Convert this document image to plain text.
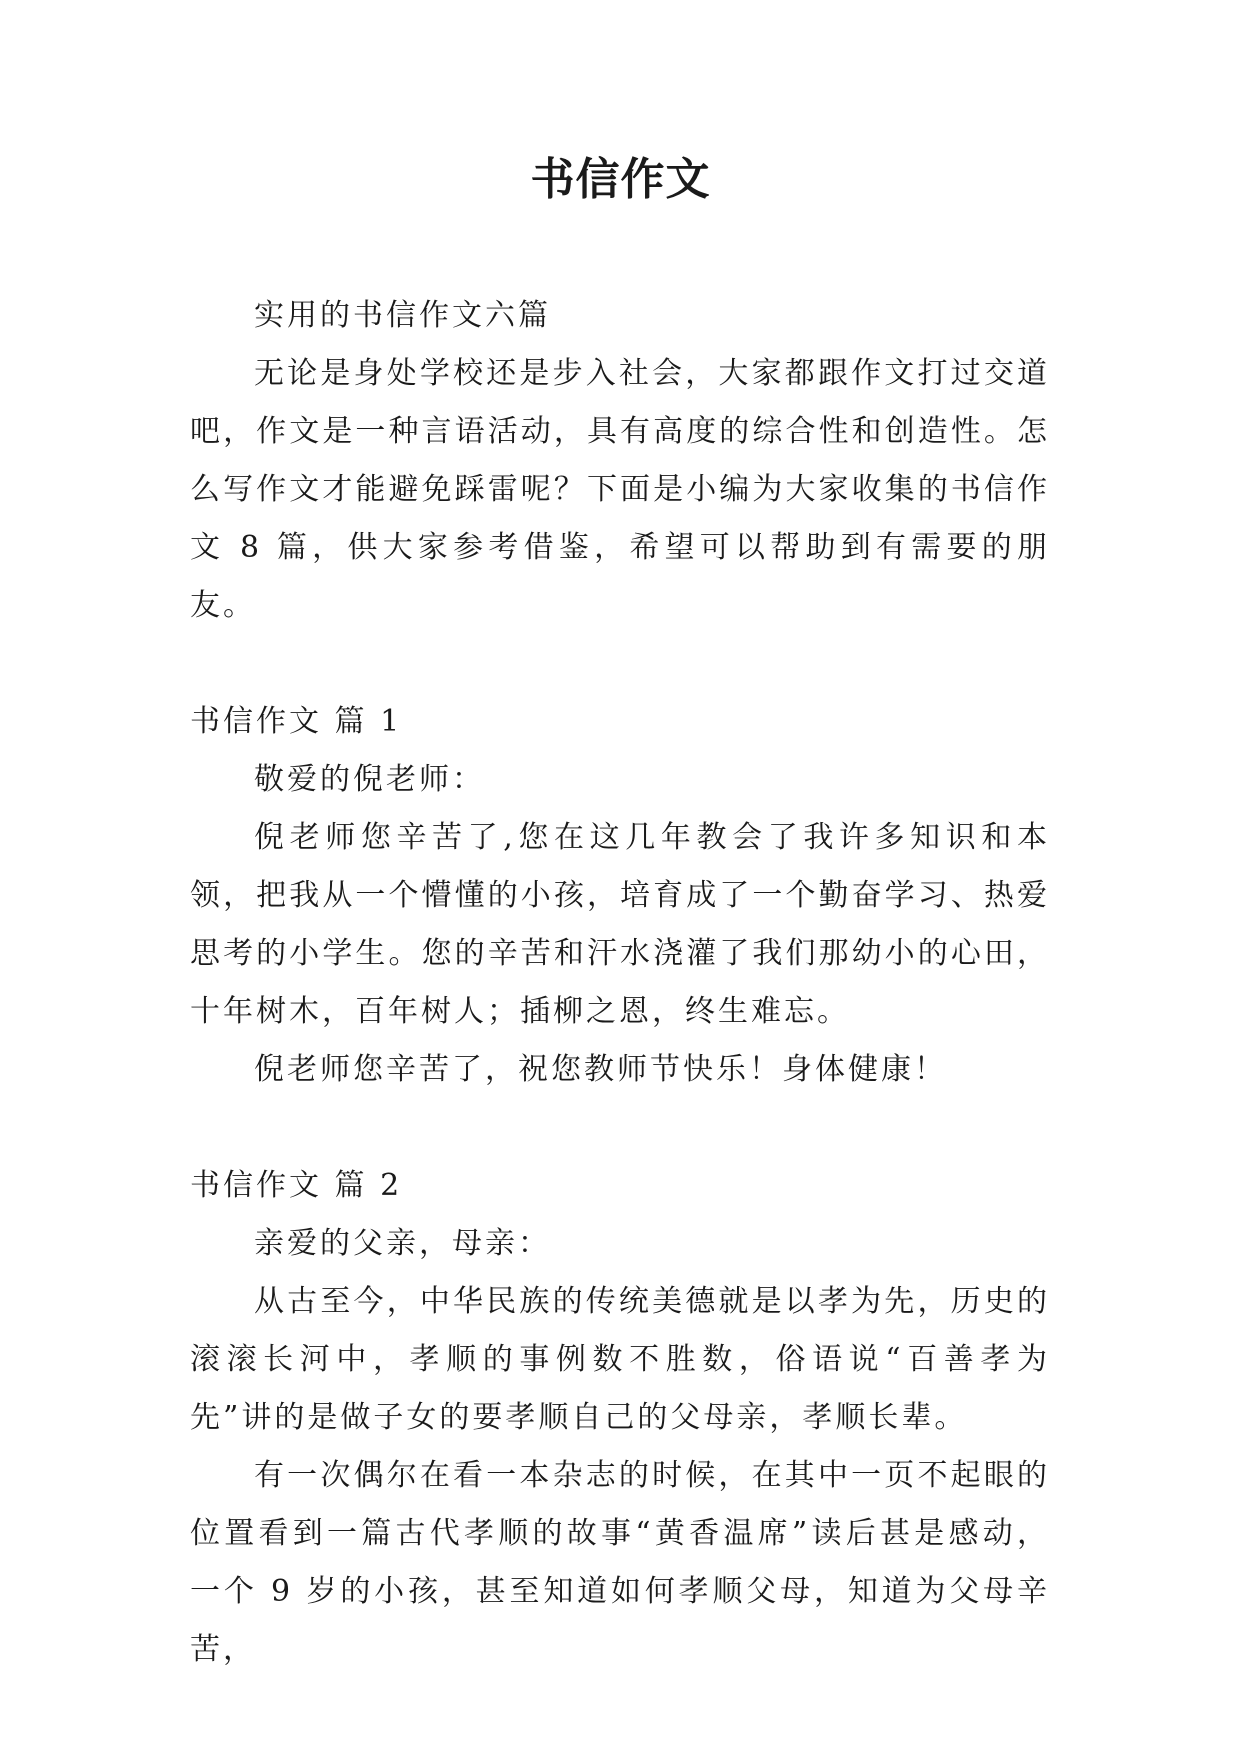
书信作文

实用的书信作文六篇

无论是身处学校还是步入社会，大家都跟作文打过交道吧，作文是一种言语活动，具有高度的综合性和创造性。怎么写作文才能避免踩雷呢？下面是小编为大家收集的书信作文 8 篇，供大家参考借鉴，希望可以帮助到有需要的朋友。

书信作文 篇 1

敬爱的倪老师：

倪老师您辛苦了,您在这几年教会了我许多知识和本领，把我从一个懵懂的小孩，培育成了一个勤奋学习、热爱思考的小学生。您的辛苦和汗水浇灌了我们那幼小的心田，十年树木，百年树人；插柳之恩，终生难忘。

倪老师您辛苦了，祝您教师节快乐！身体健康！

书信作文 篇 2

亲爱的父亲，母亲：

从古至今，中华民族的传统美德就是以孝为先，历史的滚滚长河中，孝顺的事例数不胜数，俗语说“百善孝为先”讲的是做子女的要孝顺自己的父母亲，孝顺长辈。

有一次偶尔在看一本杂志的时候，在其中一页不起眼的位置看到一篇古代孝顺的故事“黄香温席”读后甚是感动，一个 9 岁的小孩，甚至知道如何孝顺父母，知道为父母辛苦，
